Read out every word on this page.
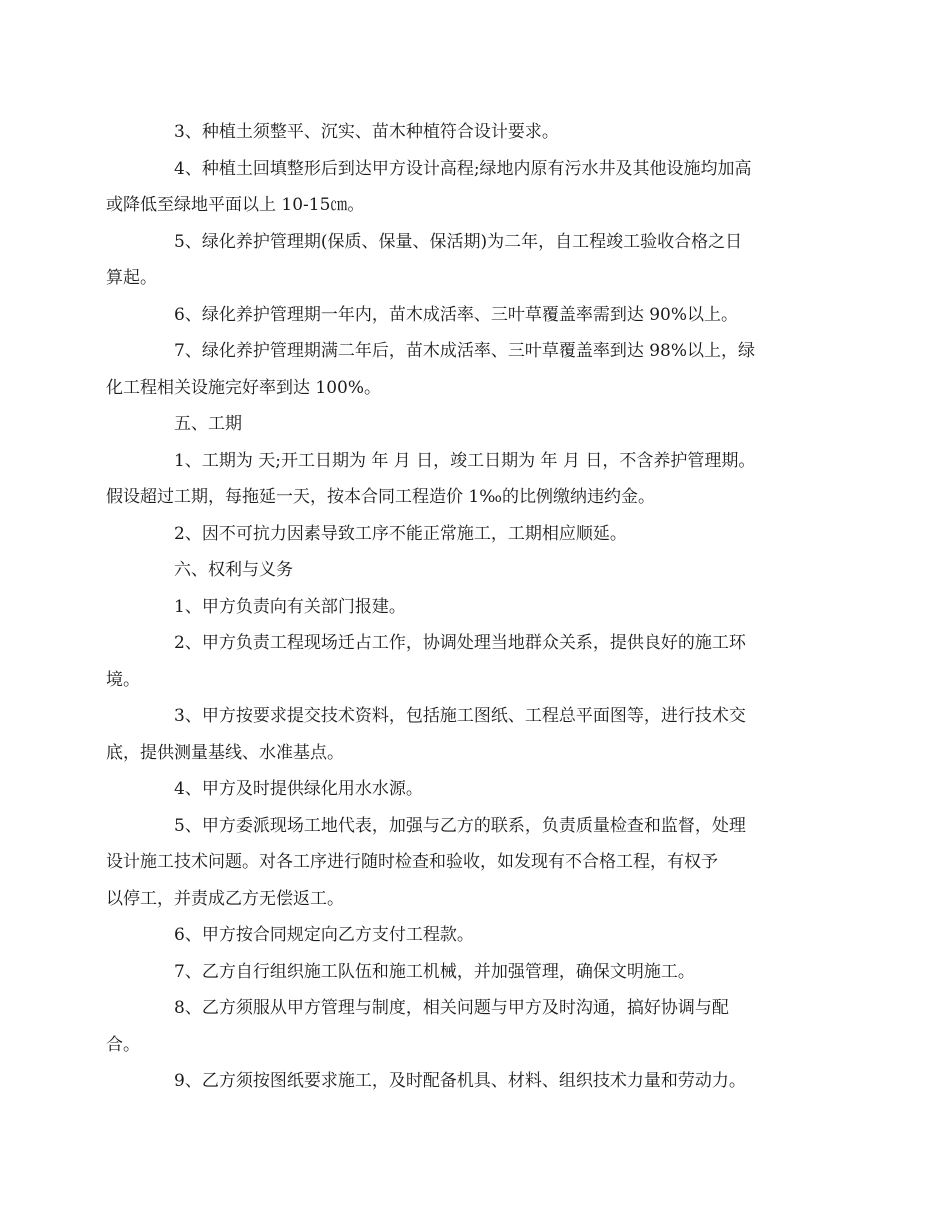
3、种植土须整平、沉实、苗木种植符合设计要求。

4、种植土回填整形后到达甲方设计高程;绿地内原有污水井及其他设施均加高
或降低至绿地平面以上 10-15㎝。

5、绿化养护管理期(保质、保量、保活期)为二年，自工程竣工验收合格之日
算起。

6、绿化养护管理期一年内，苗木成活率、三叶草覆盖率需到达 90%以上。

7、绿化养护管理期满二年后，苗木成活率、三叶草覆盖率到达 98%以上，绿
化工程相关设施完好率到达 100%。

五、工期

1、工期为 天;开工日期为 年 月 日，竣工日期为 年 月 日，不含养护管理期。
假设超过工期，每拖延一天，按本合同工程造价 1‰的比例缴纳违约金。

2、因不可抗力因素导致工序不能正常施工，工期相应顺延。

六、权利与义务

1、甲方负责向有关部门报建。

2、甲方负责工程现场迁占工作，协调处理当地群众关系，提供良好的施工环
境。

3、甲方按要求提交技术资料，包括施工图纸、工程总平面图等，进行技术交
底，提供测量基线、水准基点。

4、甲方及时提供绿化用水水源。

5、甲方委派现场工地代表，加强与乙方的联系，负责质量检查和监督，处理
设计施工技术问题。对各工序进行随时检查和验收，如发现有不合格工程，有权予
以停工，并责成乙方无偿返工。

6、甲方按合同规定向乙方支付工程款。

7、乙方自行组织施工队伍和施工机械，并加强管理，确保文明施工。

8、乙方须服从甲方管理与制度，相关问题与甲方及时沟通，搞好协调与配
合。

9、乙方须按图纸要求施工，及时配备机具、材料、组织技术力量和劳动力。
